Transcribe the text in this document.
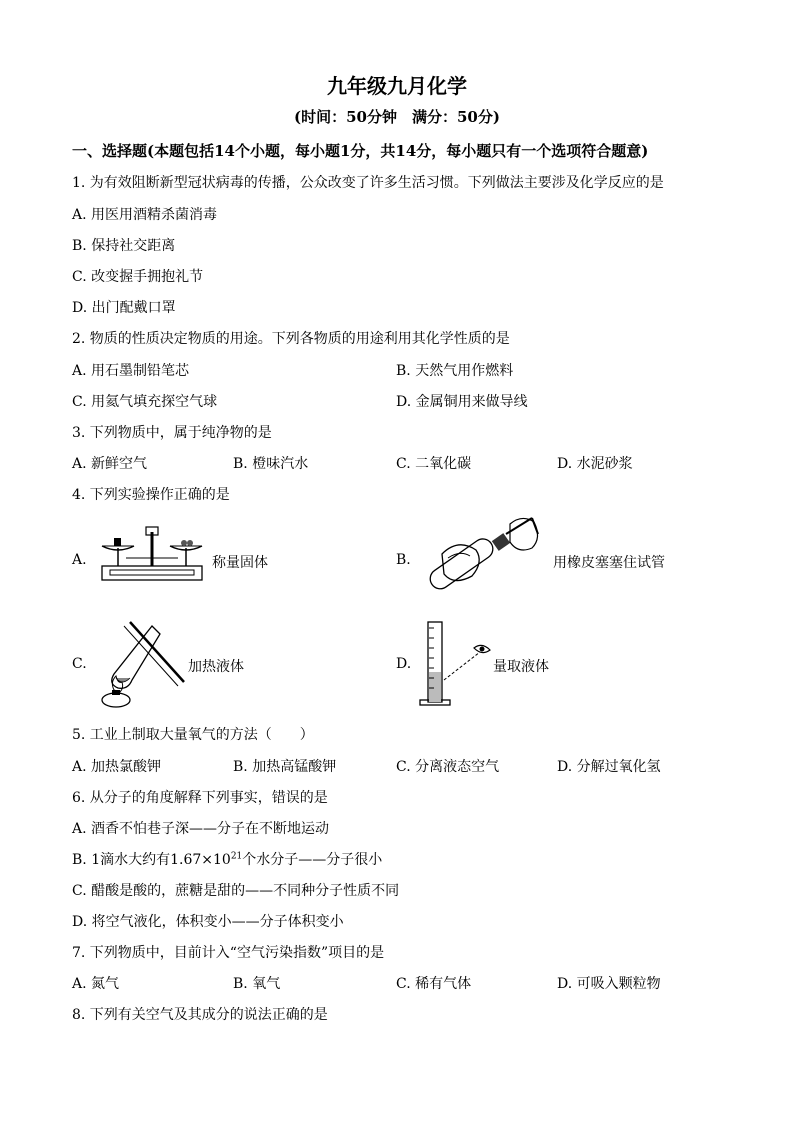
九年级九月化学
(时间：50分钟　满分：50分)
一、选择题(本题包括14个小题，每小题1分，共14分，每小题只有一个选项符合题意)
1. 为有效阻断新型冠状病毒的传播，公众改变了许多生活习惯。下列做法主要涉及化学反应的是
A. 用医用酒精杀菌消毒
B. 保持社交距离
C. 改变握手拥抱礼节
D. 出门配戴口罩
2. 物质的性质决定物质的用途。下列各物质的用途利用其化学性质的是
A. 用石墨制铅笔芯	B. 天然气用作燃料
C. 用氦气填充探空气球	D. 金属铜用来做导线
3. 下列物质中，属于纯净物的是
A. 新鲜空气	B. 橙味汽水	C. 二氧化碳	D. 水泥砂浆
4. 下列实验操作正确的是
A.	称量固体	B.	用橡皮塞塞住试管
C.	加热液体	D.	量取液体
5. 工业上制取大量氧气的方法（　　）
A. 加热氯酸钾	B. 加热高锰酸钾	C. 分离液态空气	D. 分解过氧化氢
6. 从分子的角度解释下列事实，错误的是
A. 酒香不怕巷子深——分子在不断地运动
B. 1滴水大约有$1.67\times 10^{21}$个水分子——分子很小
C. 醋酸是酸的，蔗糖是甜的——不同种分子性质不同
D. 将空气液化，体积变小——分子体积变小
7. 下列物质中，目前计入“空气污染指数”项目的是
A. 氮气	B. 氧气	C. 稀有气体	D. 可吸入颗粒物
8. 下列有关空气及其成分的说法正确的是
